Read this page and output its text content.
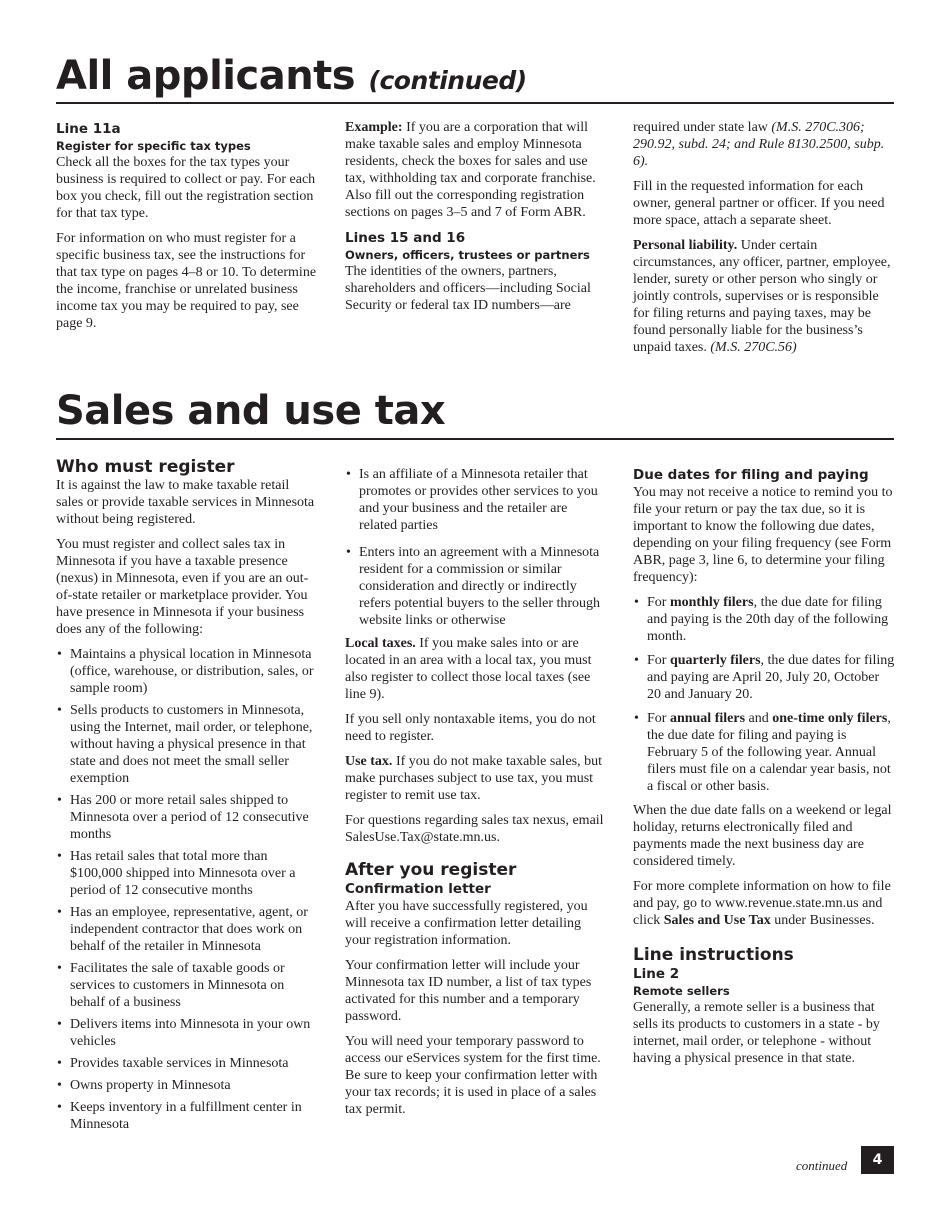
All applicants (continued)
Line 11a
Register for specific tax types

Check all the boxes for the tax types your business is required to collect or pay. For each box you check, fill out the registration section for that tax type.

For information on who must register for a specific business tax, see the instructions for that tax type on pages 4–8 or 10. To determine the income, franchise or unrelated business income tax you may be required to pay, see page 9.

Example: If you are a corporation that will make taxable sales and employ Minnesota residents, check the boxes for sales and use tax, withholding tax and corporate franchise. Also fill out the corresponding registration sections on pages 3–5 and 7 of Form ABR.

Lines 15 and 16
Owners, officers, trustees or partners

The identities of the owners, partners, shareholders and officers—including Social Security or federal tax ID numbers—are

required under state law (M.S. 270C.306; 290.92, subd. 24; and Rule 8130.2500, subp. 6).

Fill in the requested information for each owner, general partner or officer. If you need more space, attach a separate sheet.

Personal liability. Under certain circumstances, any officer, partner, employee, lender, surety or other person who singly or jointly controls, supervises or is responsible for filing returns and paying taxes, may be found personally liable for the business’s unpaid taxes. (M.S. 270C.56)

Sales and use tax
Who must register

It is against the law to make taxable retail sales or provide taxable services in Minnesota without being registered.

You must register and collect sales tax in Minnesota if you have a taxable presence (nexus) in Minnesota, even if you are an out-of-state retailer or marketplace provider. You have presence in Minnesota if your business does any of the following:

• Maintains a physical location in Minnesota (office, warehouse, or distribution, sales, or sample room)
• Sells products to customers in Minnesota, using the Internet, mail order, or telephone, without having a physical presence in that state and does not meet the small seller exemption
• Has 200 or more retail sales shipped to Minnesota over a period of 12 consecutive months
• Has retail sales that total more than $100,000 shipped into Minnesota over a period of 12 consecutive months
• Has an employee, representative, agent, or independent contractor that does work on behalf of the retailer in Minnesota
• Facilitates the sale of taxable goods or services to customers in Minnesota on behalf of a business
• Delivers items into Minnesota in your own vehicles
• Provides taxable services in Minnesota
• Owns property in Minnesota
• Keeps inventory in a fulfillment center in Minnesota
• Is an affiliate of a Minnesota retailer that promotes or provides other services to you and your business and the retailer are related parties
• Enters into an agreement with a Minnesota resident for a commission or similar consideration and directly or indirectly refers potential buyers to the seller through website links or otherwise

Local taxes. If you make sales into or are located in an area with a local tax, you must also register to collect those local taxes (see line 9).

If you sell only nontaxable items, you do not need to register.

Use tax. If you do not make taxable sales, but make purchases subject to use tax, you must register to remit use tax.

For questions regarding sales tax nexus, email SalesUse.Tax@state.mn.us.

After you register
Confirmation letter

After you have successfully registered, you will receive a confirmation letter detailing your registration information.

Your confirmation letter will include your Minnesota tax ID number, a list of tax types activated for this number and a temporary password.

You will need your temporary password to access our eServices system for the first time. Be sure to keep your confirmation letter with your tax records; it is used in place of a sales tax permit.

Due dates for filing and paying

You may not receive a notice to remind you to file your return or pay the tax due, so it is important to know the following due dates, depending on your filing frequency (see Form ABR, page 3, line 6, to determine your filing frequency):

• For monthly filers, the due date for filing and paying is the 20th day of the following month.
• For quarterly filers, the due dates for filing and paying are April 20, July 20, October 20 and January 20.
• For annual filers and one-time only filers, the due date for filing and paying is February 5 of the following year. Annual filers must file on a calendar year basis, not a fiscal or other basis.

When the due date falls on a weekend or legal holiday, returns electronically filed and payments made the next business day are considered timely.

For more complete information on how to file and pay, go to www.revenue.state.mn.us and click Sales and Use Tax under Businesses.

Line instructions
Line 2
Remote sellers

Generally, a remote seller is a business that sells its products to customers in a state - by internet, mail order, or telephone - without having a physical presence in that state.

continued	4
